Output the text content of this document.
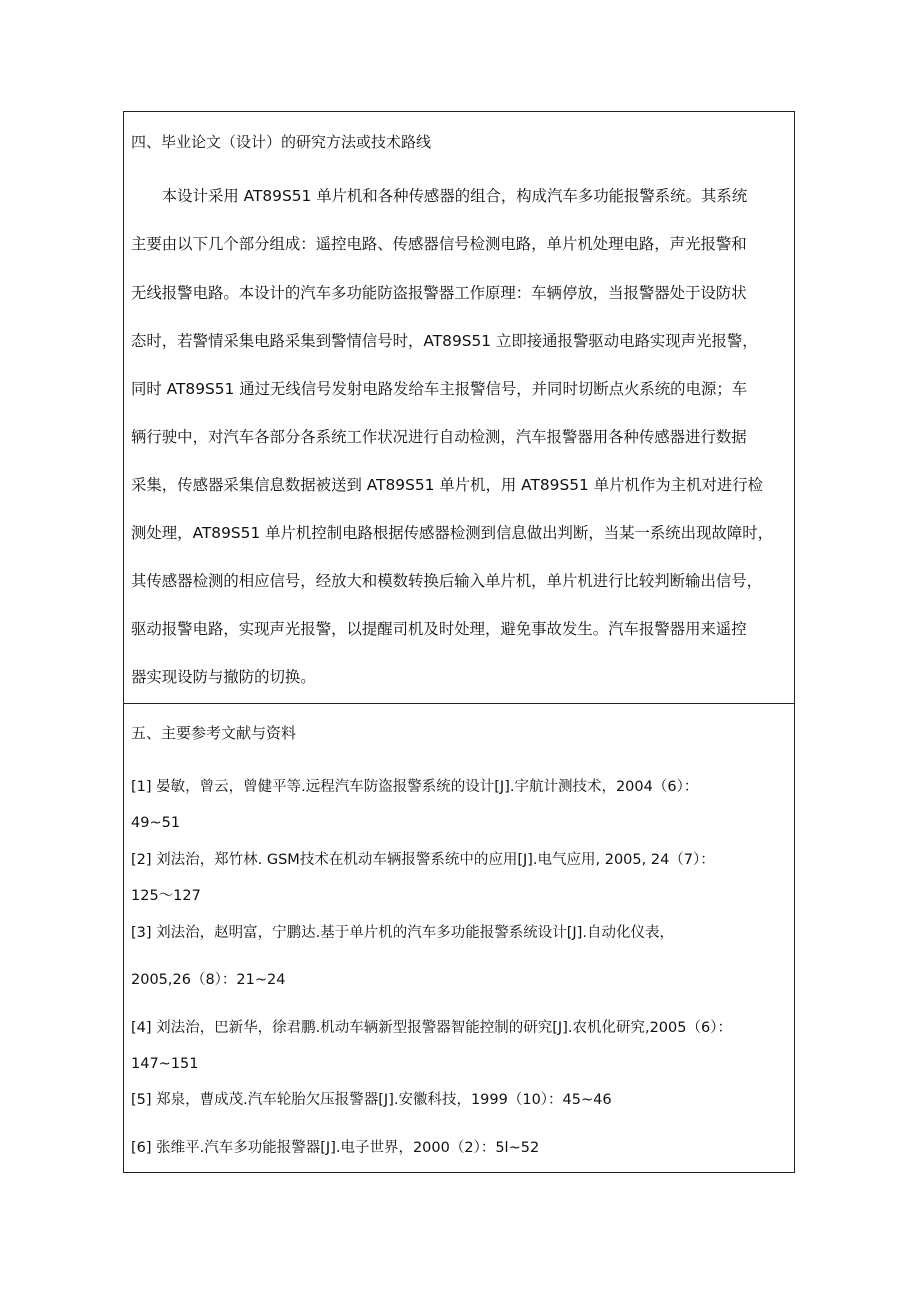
四、毕业论文（设计）的研究方法或技术路线
　　本设计采用 AT89S51 单片机和各种传感器的组合，构成汽车多功能报警系统。其系统
主要由以下几个部分组成：遥控电路、传感器信号检测电路，单片机处理电路，声光报警和
无线报警电路。本设计的汽车多功能防盗报警器工作原理：车辆停放，当报警器处于设防状
态时，若警情采集电路采集到警情信号时，AT89S51 立即接通报警驱动电路实现声光报警，
同时 AT89S51 通过无线信号发射电路发给车主报警信号，并同时切断点火系统的电源；车
辆行驶中，对汽车各部分各系统工作状况进行自动检测，汽车报警器用各种传感器进行数据
采集，传感器采集信息数据被送到 AT89S51 单片机，用 AT89S51 单片机作为主机对进行检
测处理，AT89S51 单片机控制电路根据传感器检测到信息做出判断，当某一系统出现故障时，
其传感器检测的相应信号，经放大和模数转换后输入单片机，单片机进行比较判断输出信号，
驱动报警电路，实现声光报警，以提醒司机及时处理，避免事故发生。汽车报警器用来遥控
器实现设防与撤防的切换。
五、主要参考文献与资料
[1] 晏敏，曾云，曾健平等.远程汽车防盗报警系统的设计[J].宇航计测技术，2004（6）：
49~51
[2] 刘法治，郑竹林. GSM技术在机动车辆报警系统中的应用[J].电气应用, 2005, 24（7）：
125～127
[3] 刘法治，赵明富，宁鹏达.基于单片机的汽车多功能报警系统设计[J].自动化仪表，
2005,26（8）：21~24
[4] 刘法治，巴新华，徐君鹏.机动车辆新型报警器智能控制的研究[J].农机化研究,2005（6）：
147~151
[5] 郑泉，曹成茂.汽车轮胎欠压报警器[J].安徽科技，1999（10）：45~46
[6] 张维平.汽车多功能报警器[J].电子世界，2000（2）：5l~52
